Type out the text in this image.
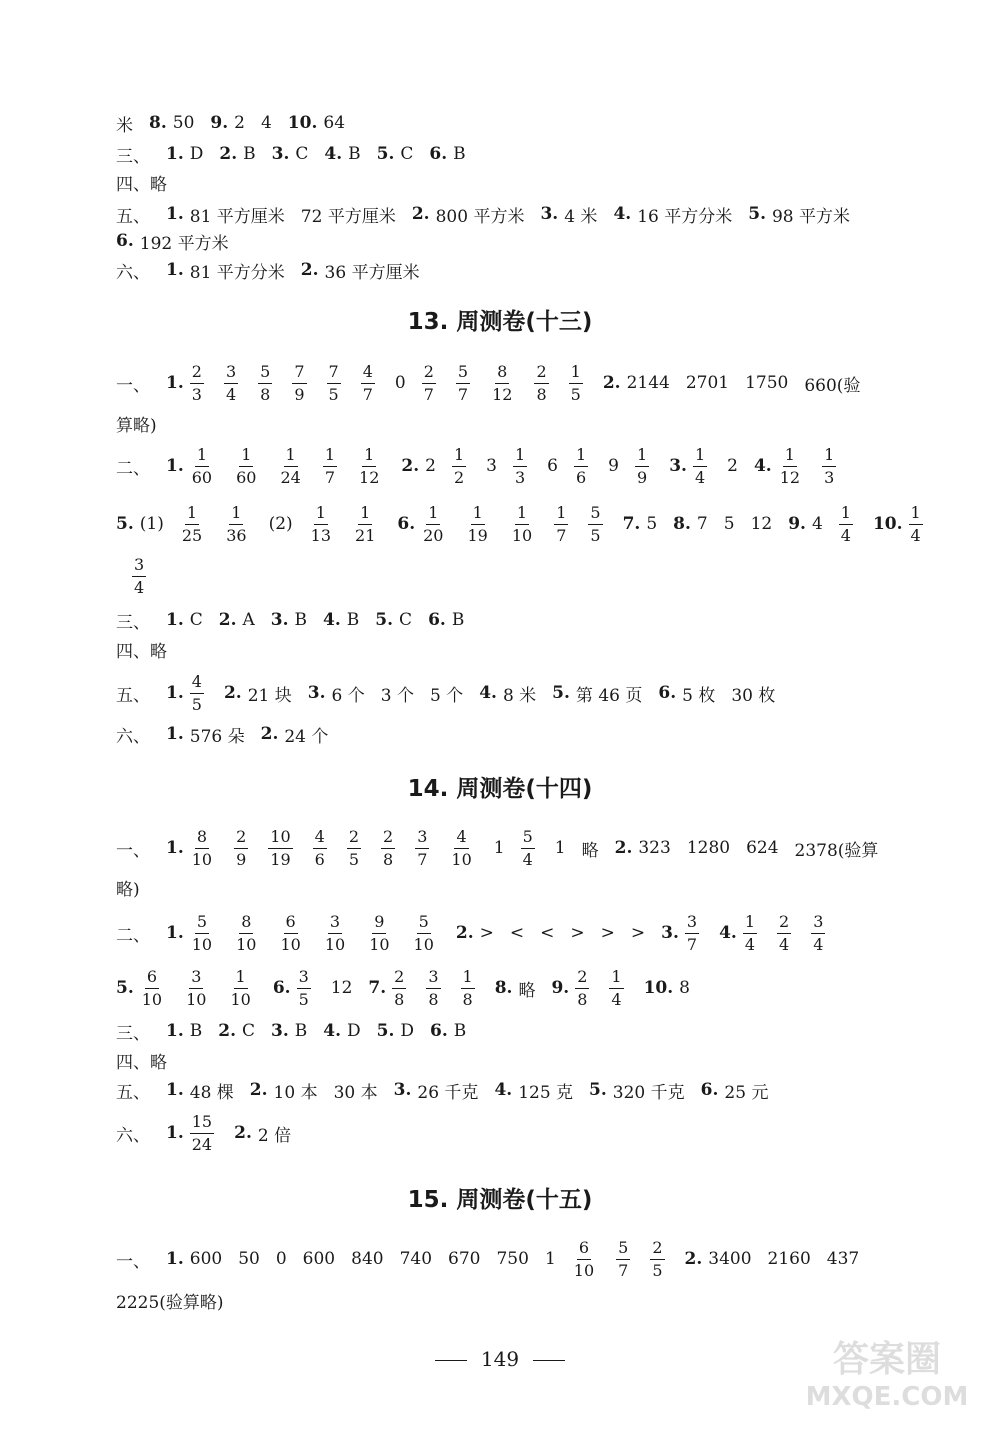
米 8. 50 9. 2 4 10. 64
三、 1. D 2. B 3. C 4. B 5. C 6. B
四、略
五、 1. 81 平方厘米 72 平方厘米 2. 800 平方米 3. 4 米 4. 16 平方分米 5. 98 平方米
6. 192 平方米
六、 1. 81 平方分米 2. 36 平方厘米
13. 周测卷(十三)
一、 1. $\frac{2}{3} \frac{3}{4} \frac{5}{8} \frac{7}{9} \frac{7}{5} \frac{4}{7} 0 \frac{2}{7} \frac{5}{7} \frac{8}{12} \frac{2}{8} \frac{1}{5} 2$. 2144 2701 1750 660(验
算略)
二、 1. $\frac{1}{60} \frac{1}{60} \frac{1}{24} \frac{1}{7} \frac{1}{12} 2$. $2 \frac{1}{2} 3 \frac{1}{3} 6 \frac{1}{6} 9 \frac{1}{9} 3$. $\frac{1}{4} 2$ 4. $\frac{1}{12} \frac{1}{3}$
5. $(1) \frac{1}{25} \frac{1}{36} (2) \frac{1}{13} \frac{1}{21} 6$. $\frac{1}{20} \frac{1}{19} \frac{1}{10} \frac{1}{7} \frac{5}{5} 7$. 5 8. 7 5 12 9. $4 \frac{1}{4} 10$. $\frac{1}{4}$
$\frac{3}{4}$
三、 1. C 2. A 3. B 4. B 5. C 6. B
四、略
五、 1. $\frac{4}{5} 2$. 21 块 3. 6 个 3 个 5 个 4. 8 米 5. 第 46 页 6. 5 枚 30 枚
六、 1. 576 朵 2. 24 个
14. 周测卷(十四)
一、 1. $\frac{8}{10} \frac{2}{9} \frac{10}{19} \frac{4}{6} \frac{2}{5} \frac{2}{8} \frac{3}{7} \frac{4}{10} 1 \frac{5}{4} 1$ 略 2. 323 1280 624 2378(验算
略)
二、 1. $\frac{5}{10} \frac{8}{10} \frac{6}{10} \frac{3}{10} \frac{9}{10} \frac{5}{10} 2$. > < < > > > 3. $\frac{3}{7} 4$. $\frac{1}{4} \frac{2}{4} \frac{3}{4}$
5. $\frac{6}{10} \frac{3}{10} \frac{1}{10} 6$. $\frac{3}{5} 12$ 7. $\frac{2}{8} \frac{3}{8} \frac{1}{8} 8$. 略 9. $\frac{2}{8} \frac{1}{4} 10$. 8
三、 1. B 2. C 3. B 4. D 5. D 6. B
四、略
五、 1. 48 棵 2. 10 本 30 本 3. 26 千克 4. 125 克 5. 320 千克 6. 25 元
六、 1. $\frac{15}{24} 2$. 2 倍
15. 周测卷(十五)
一、 1. 600 50 0 600 840 740 670 750 $1 \frac{6}{10} \frac{5}{7} \frac{2}{5} 2$. 3400 2160 437
2225(验算略)
149	答案圈
MXQE.COM
